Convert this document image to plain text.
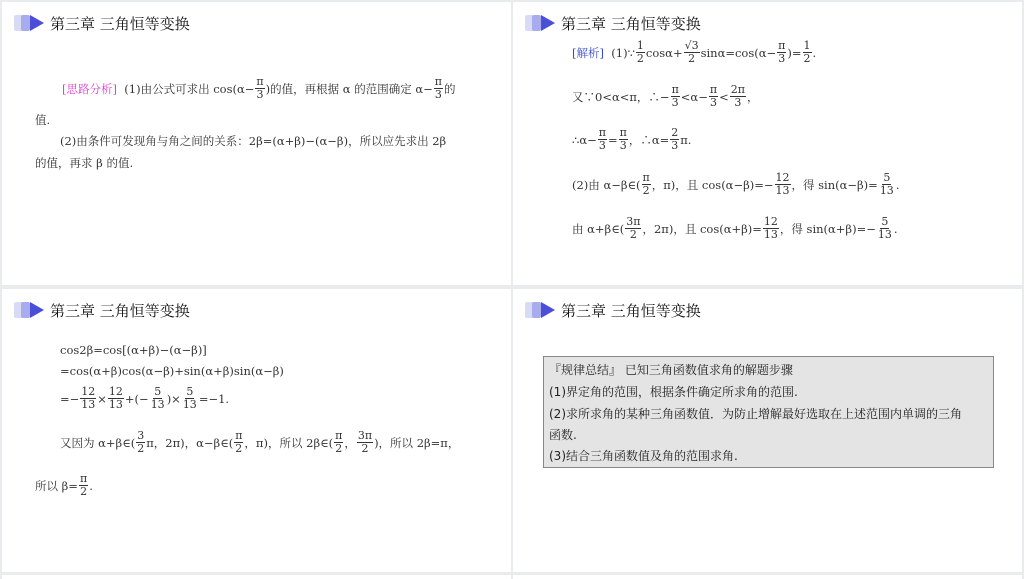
第三章 三角恒等变换
[思路分析]
(1)由公式可求出 $\cos(\alpha- \frac{\pi}{3}$ )的值，再根据 α 的范围确定 $\alpha- \frac{\pi}{3}$ 的
值.
(2)由条件可发现角与角之间的关系：2β=(α+β)−(α−β)，所以应先求出 2β
的值，再求 β 的值.
第三章 三角恒等变换
[解析]
(1)∵ $\frac{1}{2} \cos\alpha+ \frac{√3}{2} \sin\alpha=\cos(\alpha- \frac{\pi}{3}$ )= $\frac{1}{2}$ .
又∵0<α<π，∴− $\frac{\pi}{3} <\alpha- \frac{\pi}{3} < \frac{2\pi}{3}$ ，
∴α− $\frac{\pi}{3} = \frac{\pi}{3}$ ，∴α= $\frac{2}{3} \pi$.
(2)由 α−β∈( $\frac{\pi}{2}$ ，π)，且 $\cos(\alpha-\beta)=- \frac{12}{13}$ ，得 $\sin(\alpha-\beta)= \frac{5}{13}$ .
由 α+β∈( $\frac{3\pi}{2}$ ，2π)，且 $\cos(\alpha+\beta)= \frac{12}{13}$ ，得 $\sin(\alpha+\beta)=- \frac{5}{13}$ .
第三章 三角恒等变换
cos2β=cos[(α+β)−(α−β)]
=cos(α+β)cos(α−β)+sin(α+β)sin(α−β)
=− $\frac{12}{13} \times \frac{12}{13}$ +(− $\frac{5}{13}$ )× $\frac{5}{13} =-1$.
又因为 α+β∈( $\frac{3}{2}$ π，2π)，α−β∈( $\frac{\pi}{2}$ ，π)，所以 2β∈( $\frac{\pi}{2}$ ， $\frac{3\pi}{2}$ )，所以 2β=π，
所以 $\beta= \frac{\pi}{2}$ .
第三章 三角恒等变换
『规律总结』 已知三角函数值求角的解题步骤
(1)界定角的范围，根据条件确定所求角的范围.
(2)求所求角的某种三角函数值．为防止增解最好选取在上述范围内单调的三角
函数.
(3)结合三角函数值及角的范围求角.
